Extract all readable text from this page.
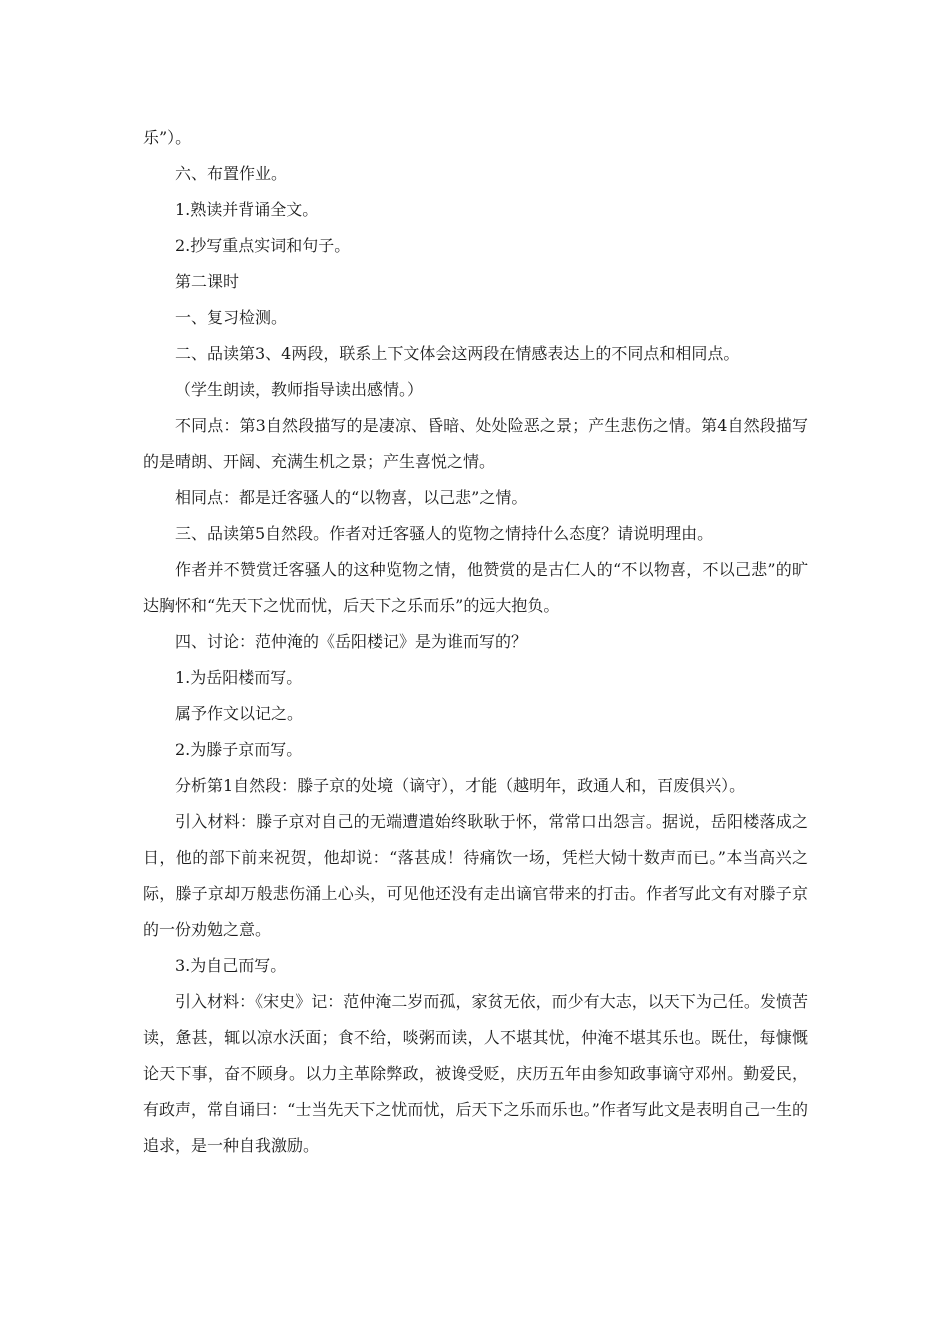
乐”）。
六、布置作业。
1.熟读并背诵全文。
2.抄写重点实词和句子。
第二课时
一、复习检测。
二、品读第3、4两段，联系上下文体会这两段在情感表达上的不同点和相同点。
（学生朗读，教师指导读出感情。）

不同点：第3自然段描写的是凄凉、昏暗、处处险恶之景；产生悲伤之情。第4自然段描写的是晴朗、开阔、充满生机之景；产生喜悦之情。

相同点：都是迁客骚人的“以物喜，以己悲”之情。

三、品读第5自然段。作者对迁客骚人的览物之情持什么态度？请说明理由。

作者并不赞赏迁客骚人的这种览物之情，他赞赏的是古仁人的“不以物喜，不以己悲”的旷达胸怀和“先天下之忧而忧，后天下之乐而乐”的远大抱负。

四、讨论：范仲淹的《岳阳楼记》是为谁而写的？

1.为岳阳楼而写。

属予作文以记之。

2.为滕子京而写。

分析第1自然段：滕子京的处境（谪守），才能（越明年，政通人和，百废俱兴）。

引入材料：滕子京对自己的无端遭遣始终耿耿于怀，常常口出怨言。据说，岳阳楼落成之日，他的部下前来祝贺，他却说：“落甚成！待痛饮一场，凭栏大恸十数声而已。”本当高兴之际，滕子京却万般悲伤涌上心头，可见他还没有走出谪官带来的打击。作者写此文有对滕子京的一份劝勉之意。

3.为自己而写。

引入材料：《宋史》记：范仲淹二岁而孤，家贫无依，而少有大志，以天下为己任。发愤苦读，惫甚，辄以凉水沃面；食不给，啖粥而读，人不堪其忧，仲淹不堪其乐也。既仕，每慷慨论天下事，奋不顾身。以力主革除弊政，被谗受贬，庆历五年由参知政事谪守邓州。勤爱民，有政声，常自诵曰：“士当先天下之忧而忧，后天下之乐而乐也。”作者写此文是表明自己一生的追求，是一种自我激励。
